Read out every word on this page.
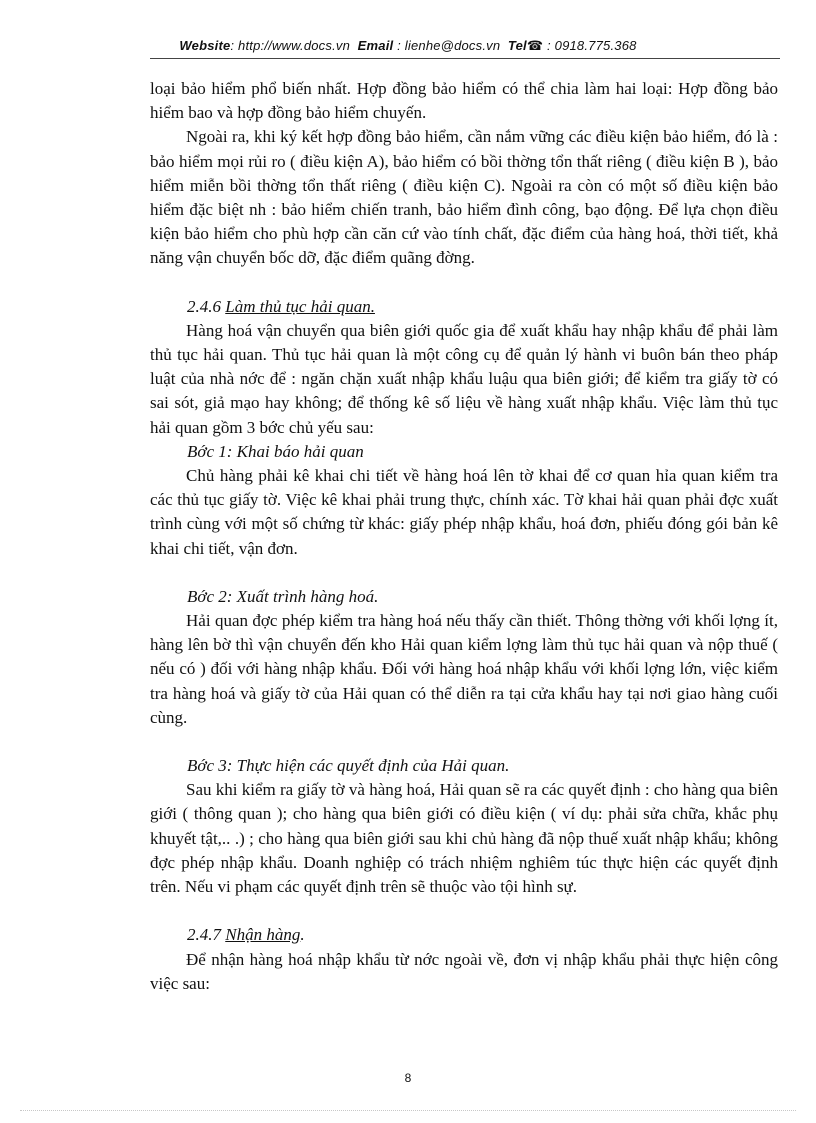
Website: http://www.docs.vn Email : lienhe@docs.vn Tel☎ : 0918.775.368

loại bảo hiểm phổ biến nhất. Hợp đồng bảo hiểm có thể chia làm hai loại: Hợp đồng bảo hiểm bao và hợp đồng bảo hiểm chuyến.

Ngoài ra, khi ký kết hợp đồng bảo hiểm, cần nắm vững các điều kiện bảo hiểm, đó là : bảo hiểm mọi rủi ro ( điều kiện A), bảo hiểm có bồi thờng tổn thất riêng ( điều kiện B ), bảo hiểm miễn bồi thờng tổn thất riêng ( điều kiện C). Ngoài ra còn có một số điều kiện bảo hiểm đặc biệt nh : bảo hiểm chiến tranh, bảo hiểm đình công, bạo động. Để lựa chọn điều kiện bảo hiểm cho phù hợp cần căn cứ vào tính chất, đặc điểm của hàng hoá, thời tiết, khả năng vận chuyển bốc dỡ, đặc điểm quãng đờng.

2.4.6 Làm thủ tục hải quan.

Hàng hoá vận chuyển qua biên giới quốc gia để xuất khẩu hay nhập khẩu để phải làm thủ tục hải quan. Thủ tục hải quan là một công cụ để quản lý hành vi buôn bán theo pháp luật của nhà nớc để : ngăn chặn xuất nhập khẩu luậu qua biên giới; để kiểm tra giấy tờ có sai sót, giả mạo hay không; để thống kê số liệu về hàng xuất nhập khẩu. Việc làm thủ tục hải quan gồm 3 bớc chủ yếu sau:

Bớc 1: Khai báo hải quan

Chủ hàng phải kê khai chi tiết về hàng hoá lên tờ khai để cơ quan hỉa quan kiểm tra các thủ tục giấy tờ. Việc kê khai phải trung thực, chính xác. Tờ khai hải quan phải đợc xuất trình cùng với một số chứng từ khác: giấy phép nhập khẩu, hoá đơn, phiếu đóng gói bản kê khai chi tiết, vận đơn.

Bớc 2: Xuất trình hàng hoá.

Hải quan đợc phép kiểm tra hàng hoá nếu thấy cần thiết. Thông thờng với khối lợng ít, hàng lên bờ thì vận chuyển đến kho Hải quan kiểm lợng làm thủ tục hải quan và nộp thuế ( nếu có ) đối với hàng nhập khẩu. Đối với hàng hoá nhập khẩu với khối lợng lớn, việc kiểm tra hàng hoá và giấy tờ của Hải quan có thể diễn ra tại cửa khẩu hay tại nơi giao hàng cuối cùng.

Bớc 3: Thực hiện các quyết định của Hải quan.

Sau khi kiểm ra giấy tờ và hàng hoá, Hải quan sẽ ra các quyết định : cho hàng qua biên giới ( thông quan ); cho hàng qua biên giới có điều kiện ( ví dụ: phải sửa chữa, khắc phụ khuyết tật,.. .) ; cho hàng qua biên giới sau khi chủ hàng đã nộp thuế xuất nhập khẩu; không đợc phép nhập khẩu. Doanh nghiệp có trách nhiệm nghiêm túc thực hiện các quyết định trên. Nếu vi phạm các quyết định trên sẽ thuộc vào tội hình sự.

2.4.7 Nhận hàng.

Để nhận hàng hoá nhập khẩu từ nớc ngoài về, đơn vị nhập khẩu phải thực hiện công việc sau:

8
